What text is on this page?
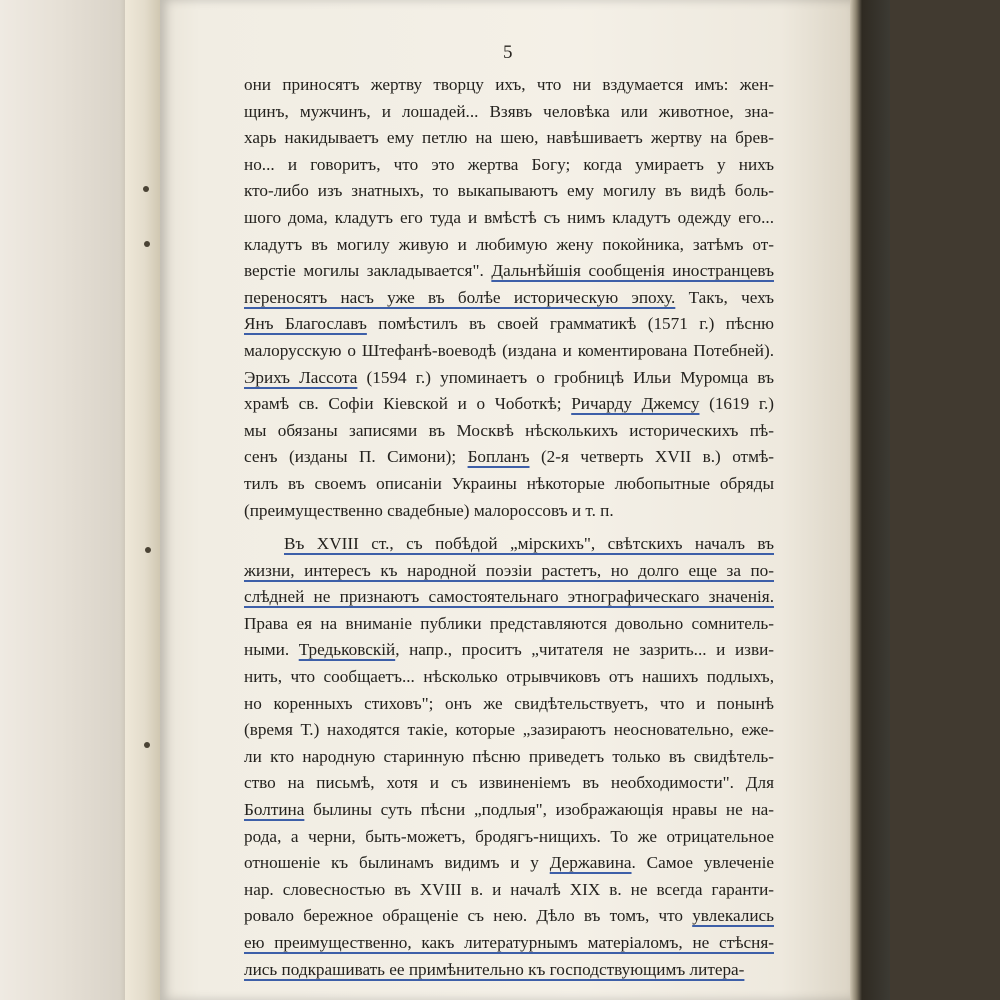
5
они приносятъ жертву творцу ихъ, что ни вздумается имъ: жен-
щинъ, мужчинъ, и лошадей... Взявъ человѣка или животное, зна-
харь накидываетъ ему петлю на шею, навѣшиваетъ жертву на брев-
но... и говоритъ, что это жертва Богу; когда умираетъ у нихъ
кто-либо изъ знатныхъ, то выкапываютъ ему могилу въ видѣ боль-
шого дома, кладутъ его туда и вмѣстѣ съ нимъ кладутъ одежду его...
кладутъ въ могилу живую и любимую жену покойника, затѣмъ от-
верстіе могилы закладывается". Дальнѣйшія сообщенія иностранцевъ
переносятъ насъ уже въ болѣе историческую эпоху. Такъ, чехъ
Янъ Благославъ помѣстилъ въ своей грамматикѣ (1571 г.) пѣсню
малорусскую о Штефанѣ-воеводѣ (издана и коментирована Потебней).
Эрихъ Лассота (1594 г.) упоминаетъ о гробницѣ Ильи Муромца въ
храмѣ св. Софіи Кіевской и о Чоботкѣ; Ричарду Джемсу (1619 г.)
мы обязаны записями въ Москвѣ нѣсколькихъ историческихъ пѣ-
сенъ (изданы П. Симони); Бопланъ (2-я четверть XVII в.) отмѣ-
тилъ въ своемъ описаніи Украины нѣкоторые любопытные обряды
(преимущественно свадебные) малороссовъ и т. п.
Въ XVIII ст., съ побѣдой „мірскихъ", свѣтскихъ началъ въ
жизни, интересъ къ народной поэзіи растетъ, но долго еще за по-
слѣдней не признаютъ самостоятельнаго этнографическаго значенія.
Права ея на вниманіе публики представляются довольно сомнитель-
ными. Тредьковскій, напр., проситъ „читателя не зазрить... и изви-
нить, что сообщаетъ... нѣсколько отрывчиковъ отъ нашихъ подлыхъ,
но коренныхъ стиховъ"; онъ же свидѣтельствуетъ, что и понынѣ
(время Т.) находятся такіе, которые „зазираютъ неосновательно, еже-
ли кто народную старинную пѣсню приведетъ только въ свидѣтель-
ство на письмѣ, хотя и съ извиненіемъ въ необходимости". Для
Болтина былины суть пѣсни „подлыя", изображающія нравы не на-
рода, а черни, быть-можетъ, бродягъ-нищихъ. То же отрицательное
отношеніе къ былинамъ видимъ и у Державина. Самое увлеченіе
нар. словесностью въ XVIII в. и началѣ XIX в. не всегда гаранти-
ровало бережное обращеніе съ нею. Дѣло въ томъ, что увлекались
ею преимущественно, какъ литературнымъ матеріаломъ, не стѣсня-
лись подкрашивать ее примѣнительно къ господствующимъ литера-
